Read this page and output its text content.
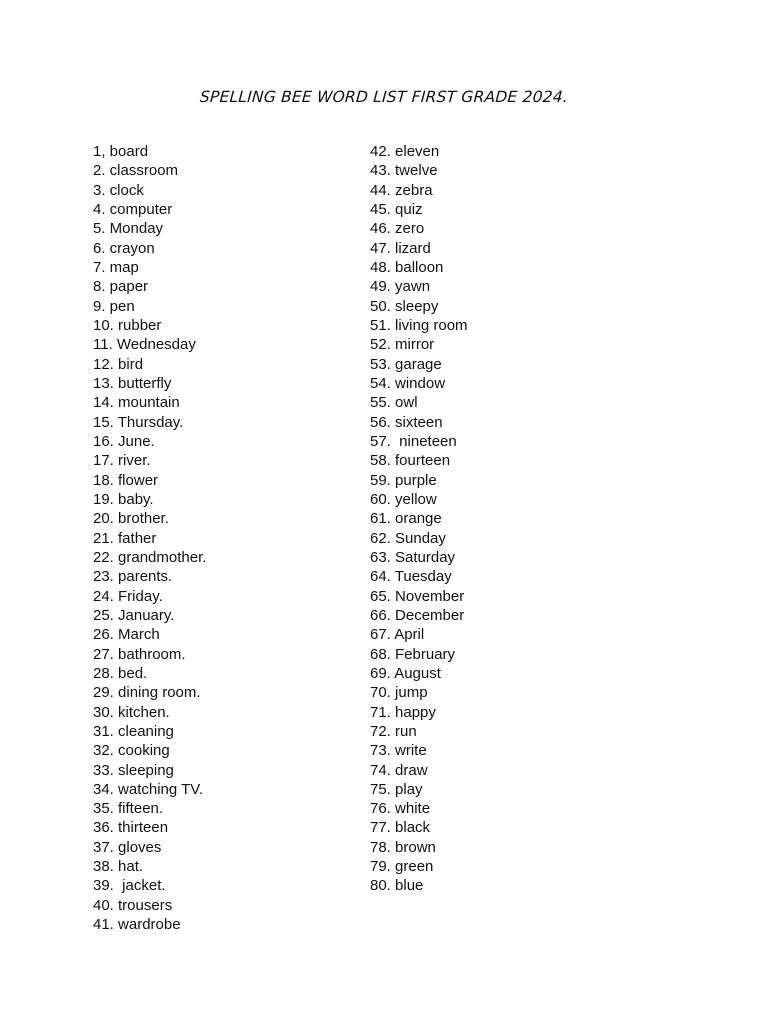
SPELLING BEE WORD LIST FIRST GRADE 2024.
1, board
2. classroom
3. clock
4. computer
5. Monday
6. crayon
7. map
8. paper
9. pen
10. rubber
11. Wednesday
12. bird
13. butterfly
14. mountain
15. Thursday.
16. June.
17. river.
18. flower
19. baby.
20. brother.
21. father
22. grandmother.
23. parents.
24. Friday.
25. January.
26. March
27. bathroom.
28. bed.
29. dining room.
30. kitchen.
31. cleaning
32. cooking
33. sleeping
34. watching TV.
35. fifteen.
36. thirteen
37. gloves
38. hat.
39.  jacket.
40. trousers
41. wardrobe
42. eleven
43. twelve
44. zebra
45. quiz
46. zero
47. lizard
48. balloon
49. yawn
50. sleepy
51. living room
52. mirror
53. garage
54. window
55. owl
56. sixteen
57.  nineteen
58. fourteen
59. purple
60. yellow
61. orange
62. Sunday
63. Saturday
64. Tuesday
65. November
66. December
67. April
68. February
69. August
70. jump
71. happy
72. run
73. write
74. draw
75. play
76. white
77. black
78. brown
79. green
80. blue
